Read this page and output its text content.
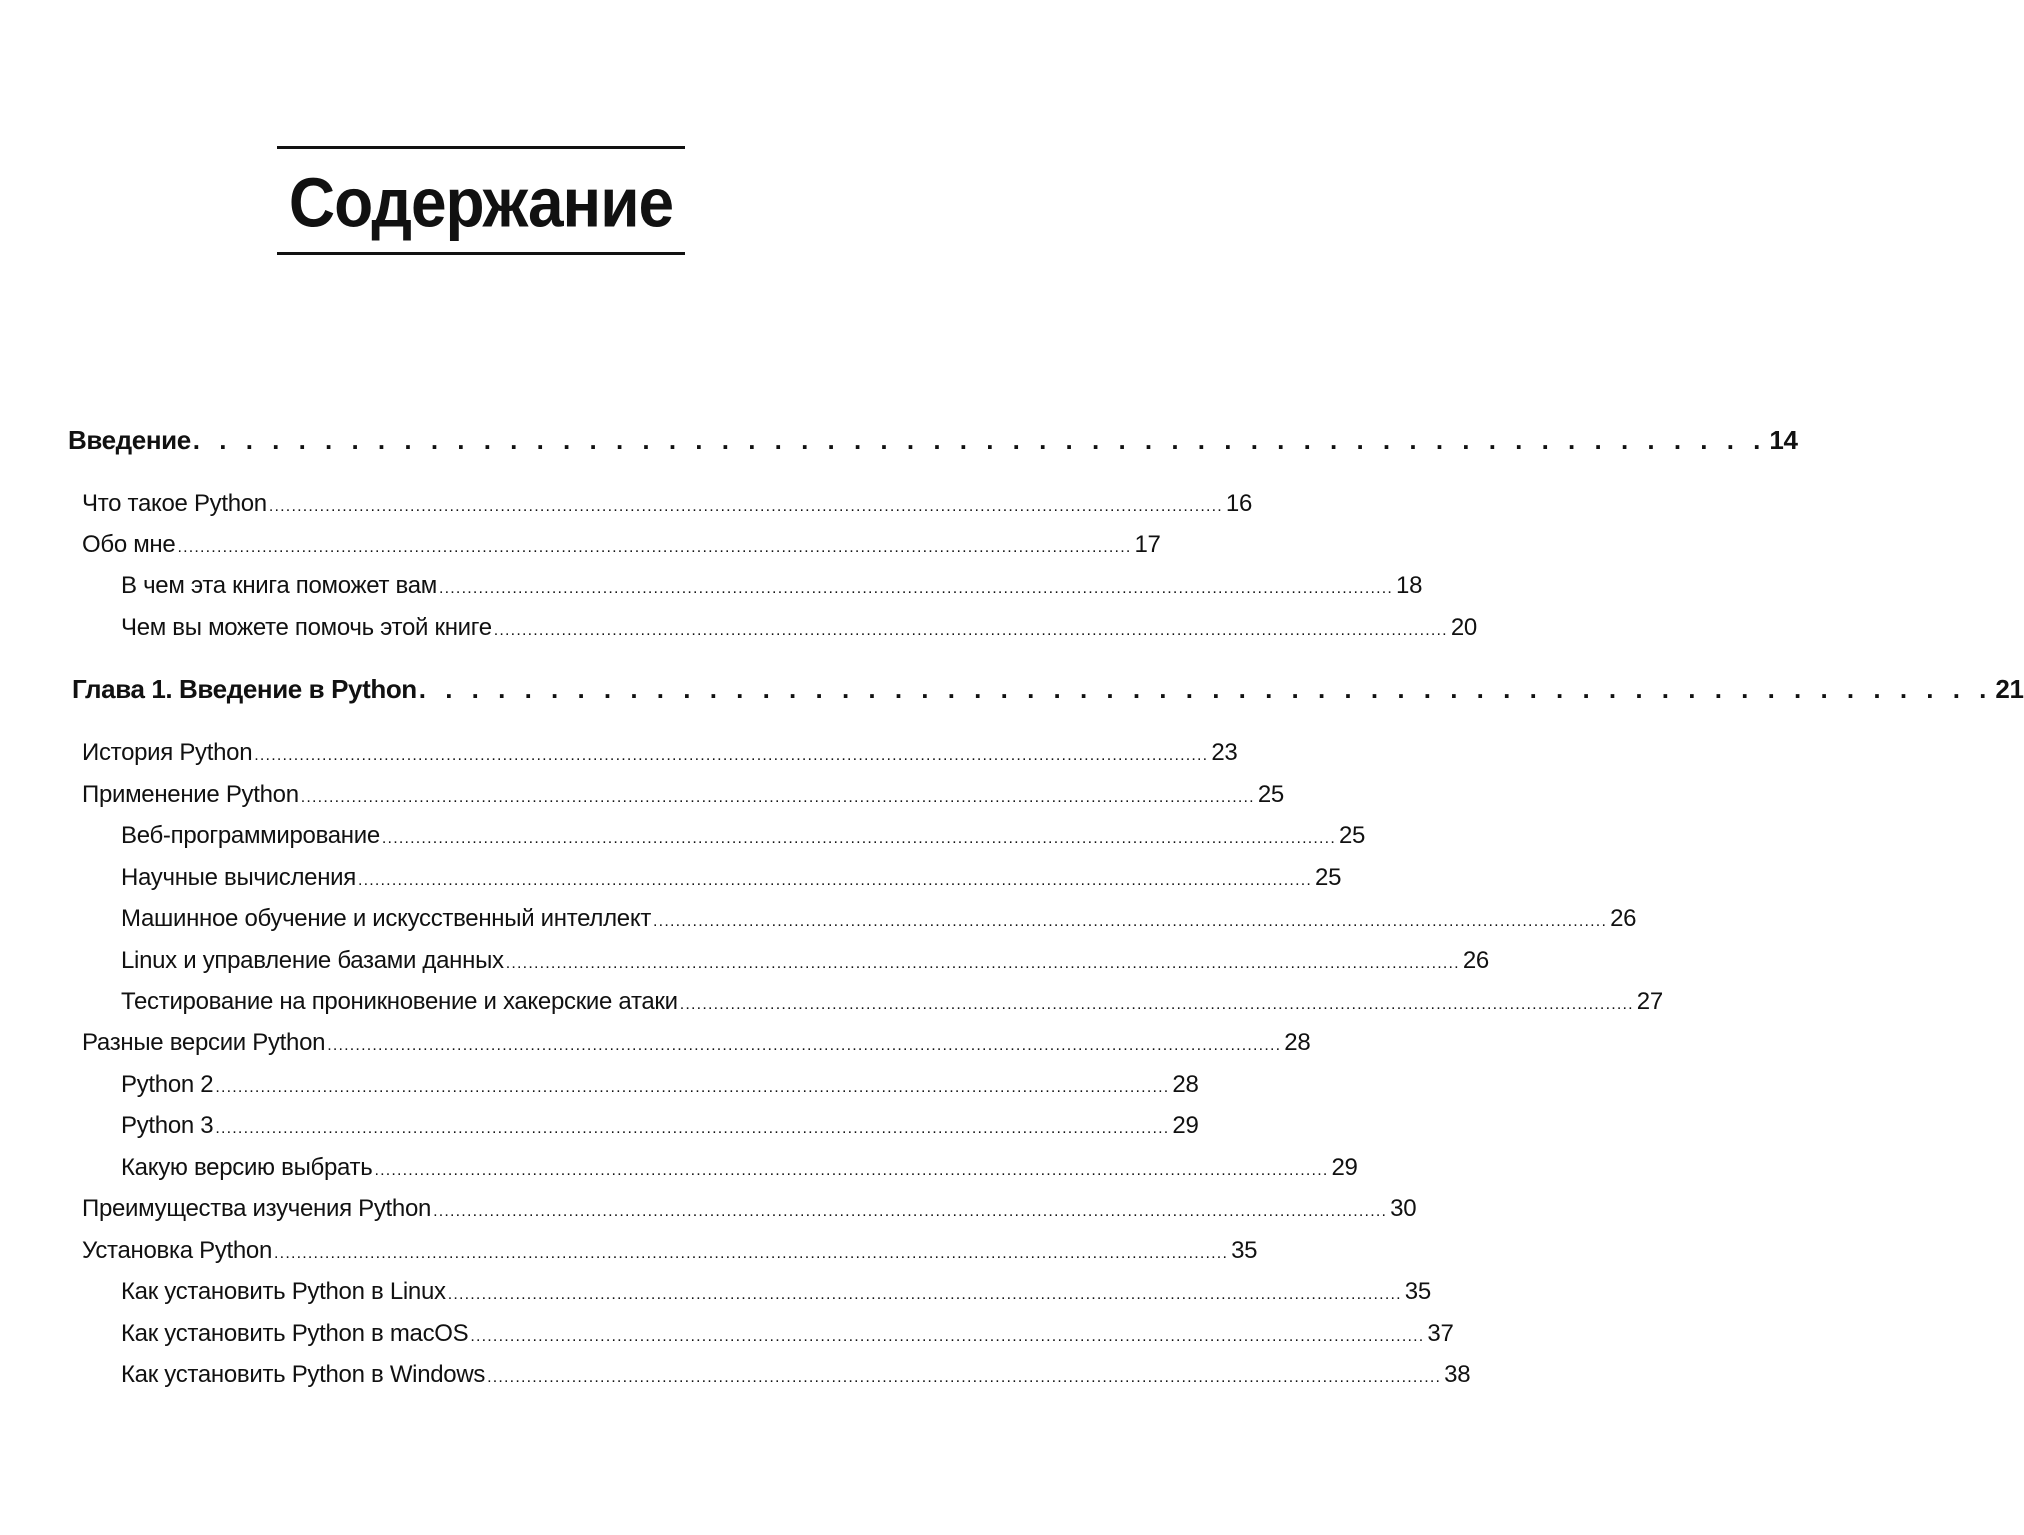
Содержание
Введение . . . . . . . . . . . . . . . . . . . . . . . . . . . . . . . . . . . . . . . . . . . . . . . . . . . . . . . . . . . . 14
Что такое Python ......................................................................................................................................................................... 16
Обо мне ......................................................................................................................................................................... 17
В чем эта книга поможет вам ......................................................................................................................................................................... 18
Чем вы можете помочь этой книге ......................................................................................................................................................................... 20
Глава 1. Введение в Python . . . . . . . . . . . . . . . . . . . . . . . . . . . . . . . . . . . . . . . . . . . . . . . . . . . . . . . . . . . . 21
История Python ......................................................................................................................................................................... 23
Применение Python ......................................................................................................................................................................... 25
Веб-программирование ......................................................................................................................................................................... 25
Научные вычисления ......................................................................................................................................................................... 25
Машинное обучение и искусственный интеллект ......................................................................................................................................................................... 26
Linux и управление базами данных ......................................................................................................................................................................... 26
Тестирование на проникновение и хакерские атаки ......................................................................................................................................................................... 27
Разные версии Python ......................................................................................................................................................................... 28
Python 2 ......................................................................................................................................................................... 28
Python 3 ......................................................................................................................................................................... 29
Какую версию выбрать ......................................................................................................................................................................... 29
Преимущества изучения Python ......................................................................................................................................................................... 30
Установка Python ......................................................................................................................................................................... 35
Как установить Python в Linux ......................................................................................................................................................................... 35
Как установить Python в macOS ......................................................................................................................................................................... 37
Как установить Python в Windows ......................................................................................................................................................................... 38
